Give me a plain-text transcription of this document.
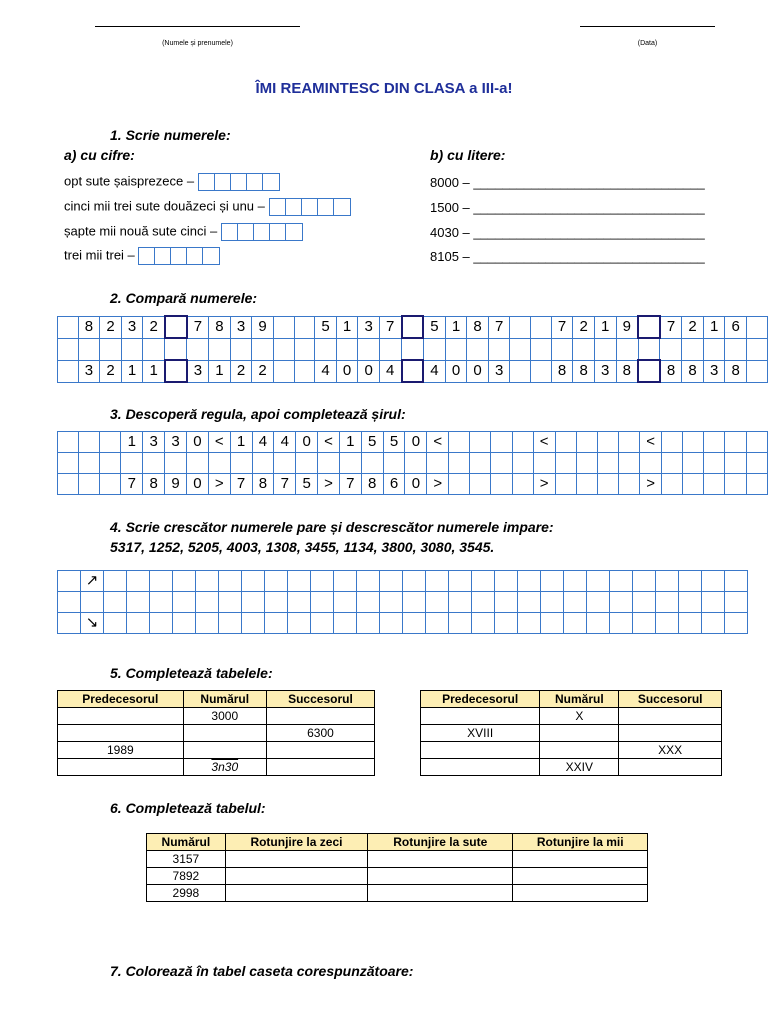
(Numele și prenumele)	(Data)
ÎMI REAMINTESC DIN CLASA a III-a!
1. Scrie numerele:
a) cu cifre:	b) cu litere:
opt sute șaisprezece –
cinci mii trei sute douăzeci și unu –
șapte mii nouă sute cinci –
trei mii trei –
8000 – ________________________________
1500 – ________________________________
4030 – ________________________________
8105 – ________________________________
2. Compară numerele:
	8	2	3	2		7	8	3	9			5	1	3	7		5	1	8	7			7	2	1	9		7	2	1	6	

	3	2	1	1		3	1	2	2			4	0	0	4		4	0	0	3			8	8	3	8		8	8	3	8	
3. Descoperă regula, apoi completează șirul:
			1	3	3	0	<	1	4	4	0	<	1	5	5	0	<					<					<					

			7	8	9	0	>	7	8	7	5	>	7	8	6	0	>					>					>					
4. Scrie crescător numerele pare și descrescător numerele impare:
5317, 1252, 5205, 4003, 1308, 3455, 1134, 3800, 3080, 3545.
	↗																												

	↘																												
5. Completează tabelele:
Predecesorul	Numărul	Succesorul
	3000	
		6300
1989		
	3n30	
Predecesorul	Numărul	Succesorul
	X	
XVIII		
		XXX
	XXIV	
6. Completează tabelul:
Numărul	Rotunjire la zeci	Rotunjire la sute	Rotunjire la mii
3157			
7892			
2998			
7. Colorează în tabel caseta corespunzătoare:
